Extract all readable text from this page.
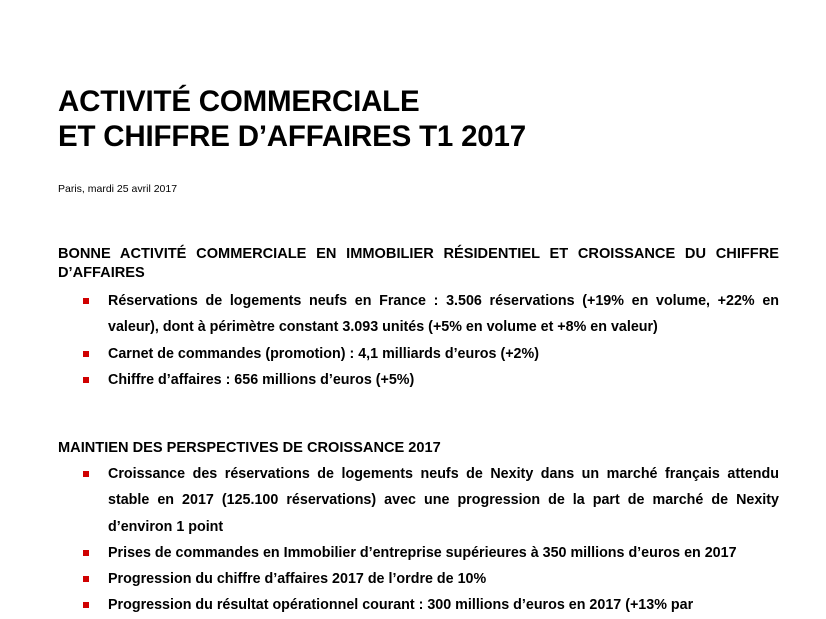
ACTIVITÉ COMMERCIALE
ET CHIFFRE D’AFFAIRES T1 2017
Paris, mardi 25 avril 2017
BONNE ACTIVITÉ COMMERCIALE EN IMMOBILIER RÉSIDENTIEL ET CROISSANCE DU CHIFFRE D’AFFAIRES
Réservations de logements neufs en France : 3.506 réservations (+19% en volume, +22% en valeur), dont à périmètre constant 3.093 unités (+5% en volume et +8% en valeur)
Carnet de commandes (promotion) : 4,1 milliards d’euros (+2%)
Chiffre d’affaires : 656 millions d’euros (+5%)
MAINTIEN DES PERSPECTIVES DE CROISSANCE 2017
Croissance des réservations de logements neufs de Nexity dans un marché français attendu stable en 2017 (125.100 réservations) avec une progression de la part de marché de Nexity d’environ 1 point
Prises de commandes en Immobilier d’entreprise supérieures à 350 millions d’euros en 2017
Progression du chiffre d’affaires 2017 de l’ordre de 10%
Progression du résultat opérationnel courant : 300 millions d’euros en 2017 (+13% par
